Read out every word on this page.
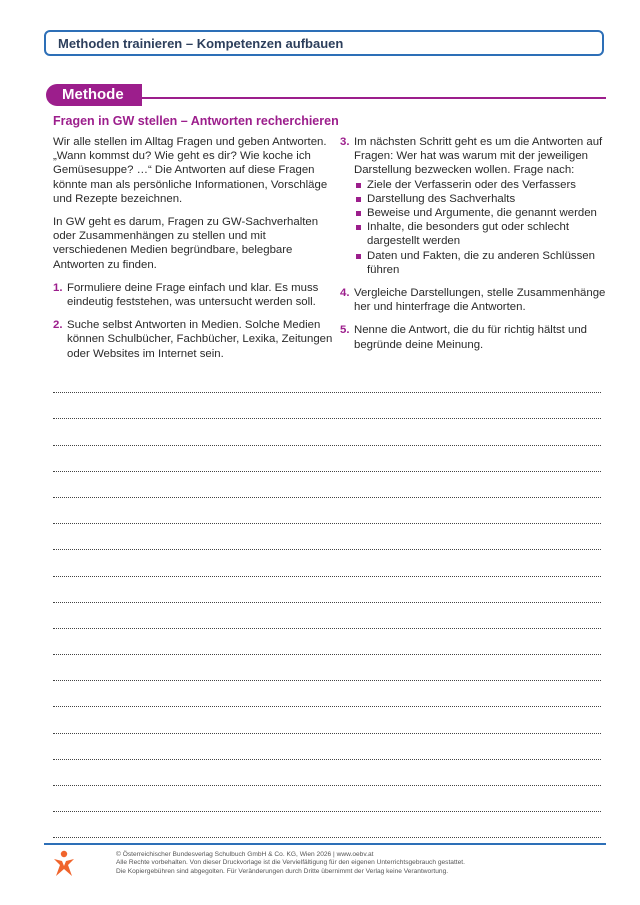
Methoden trainieren – Kompetenzen aufbauen
Methode
Fragen in GW stellen – Antworten recherchieren

Wir alle stellen im Alltag Fragen und geben Antworten. „Wann kommst du? Wie geht es dir? Wie koche ich Gemüsesuppe? …“ Die Antworten auf diese Fragen könnte man als persönliche Informationen, Vorschläge und Rezepte bezeichnen.

In GW geht es darum, Fragen zu GW-Sachverhalten oder Zusammenhängen zu stellen und mit verschiedenen Medien begründbare, belegbare Antworten zu finden.

1. Formuliere deine Frage einfach und klar. Es muss eindeutig feststehen, was untersucht werden soll.
2. Suche selbst Antworten in Medien. Solche Medien können Schulbücher, Fachbücher, Lexika, Zeitungen oder Websites im Internet sein.
3. Im nächsten Schritt geht es um die Antworten auf Fragen: Wer hat was warum mit der jeweiligen Darstellung bezwecken wollen. Frage nach:
Ziele der Verfasserin oder des Verfassers
Darstellung des Sachverhalts
Beweise und Argumente, die genannt werden
Inhalte, die besonders gut oder schlecht dargestellt werden
Daten und Fakten, die zu anderen Schlüssen führen
4. Vergleiche Darstellungen, stelle Zusammenhänge her und hinterfrage die Antworten.
5. Nenne die Antwort, die du für richtig hältst und begründe deine Meinung.
© Österreichischer Bundesverlag Schulbuch GmbH & Co. KG, Wien 2026 | www.oebv.at
Alle Rechte vorbehalten. Von dieser Druckvorlage ist die Vervielfältigung für den eigenen Unterrichtsgebrauch gestattet.
Die Kopiergebühren sind abgegolten. Für Veränderungen durch Dritte übernimmt der Verlag keine Verantwortung.
